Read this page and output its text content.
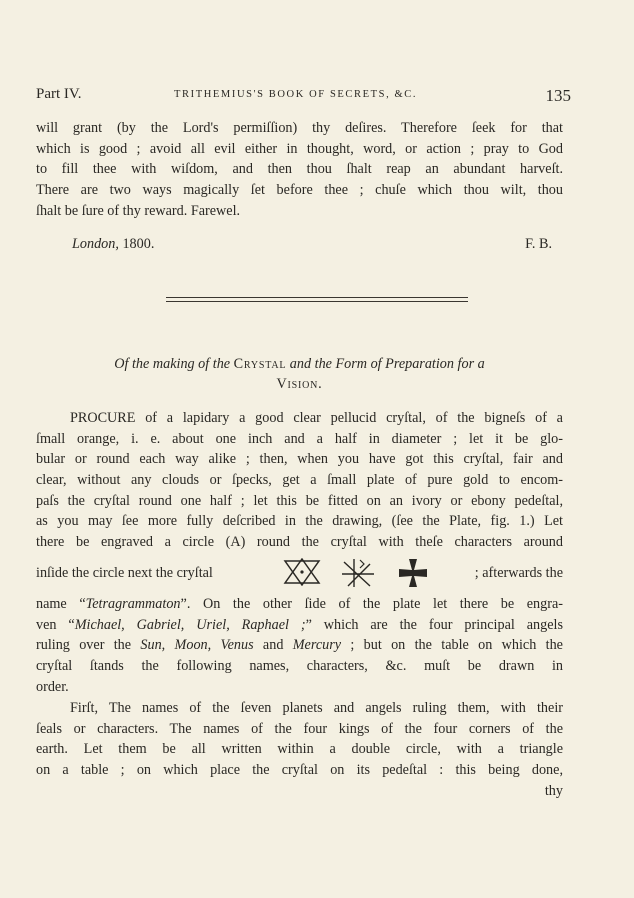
Part IV.	TRITHEMIUS'S BOOK OF SECRETS, &C.	135
will grant (by the Lord's permiſſion) thy deſires. Therefore ſeek for that
which is good ; avoid all evil either in thought, word, or action ; pray to God
to fill thee with wiſdom, and then thou ſhalt reap an abundant harveſt.
There are two ways magically ſet before thee ; chuſe which thou wilt, thou
ſhalt be ſure of thy reward. Farewel.
London, 1800.	F. B.
Of the making of the Crystal and the Form of Preparation for a
Vision.
PROCURE of a lapidary a good clear pellucid cryſtal, of the bigneſs of a
ſmall orange, i. e. about one inch and a half in diameter ; let it be glo-
bular or round each way alike ; then, when you have got this cryſtal, fair and
clear, without any clouds or ſpecks, get a ſmall plate of pure gold to encom-
paſs the cryſtal round one half ; let this be fitted on an ivory or ebony pedeſtal,
as you may ſee more fully deſcribed in the drawing, (ſee the Plate, fig. 1.) Let
there be engraved a circle (A) round the cryſtal with theſe characters around
inſide the circle next the cryſtal	; afterwards the
name “Tetragrammaton”. On the other ſide of the plate let there be engra-
ven “Michael, Gabriel, Uriel, Raphael ;” which are the four principal angels
ruling over the Sun, Moon, Venus and Mercury ; but on the table on which the
cryſtal ſtands the following names, characters, &c. muſt be drawn in
order.
Firſt, The names of the ſeven planets and angels ruling them, with their
ſeals or characters. The names of the four kings of the four corners of the
earth. Let them be all written within a double circle, with a triangle
on a table ; on which place the cryſtal on its pedeſtal : this being done,
thy
